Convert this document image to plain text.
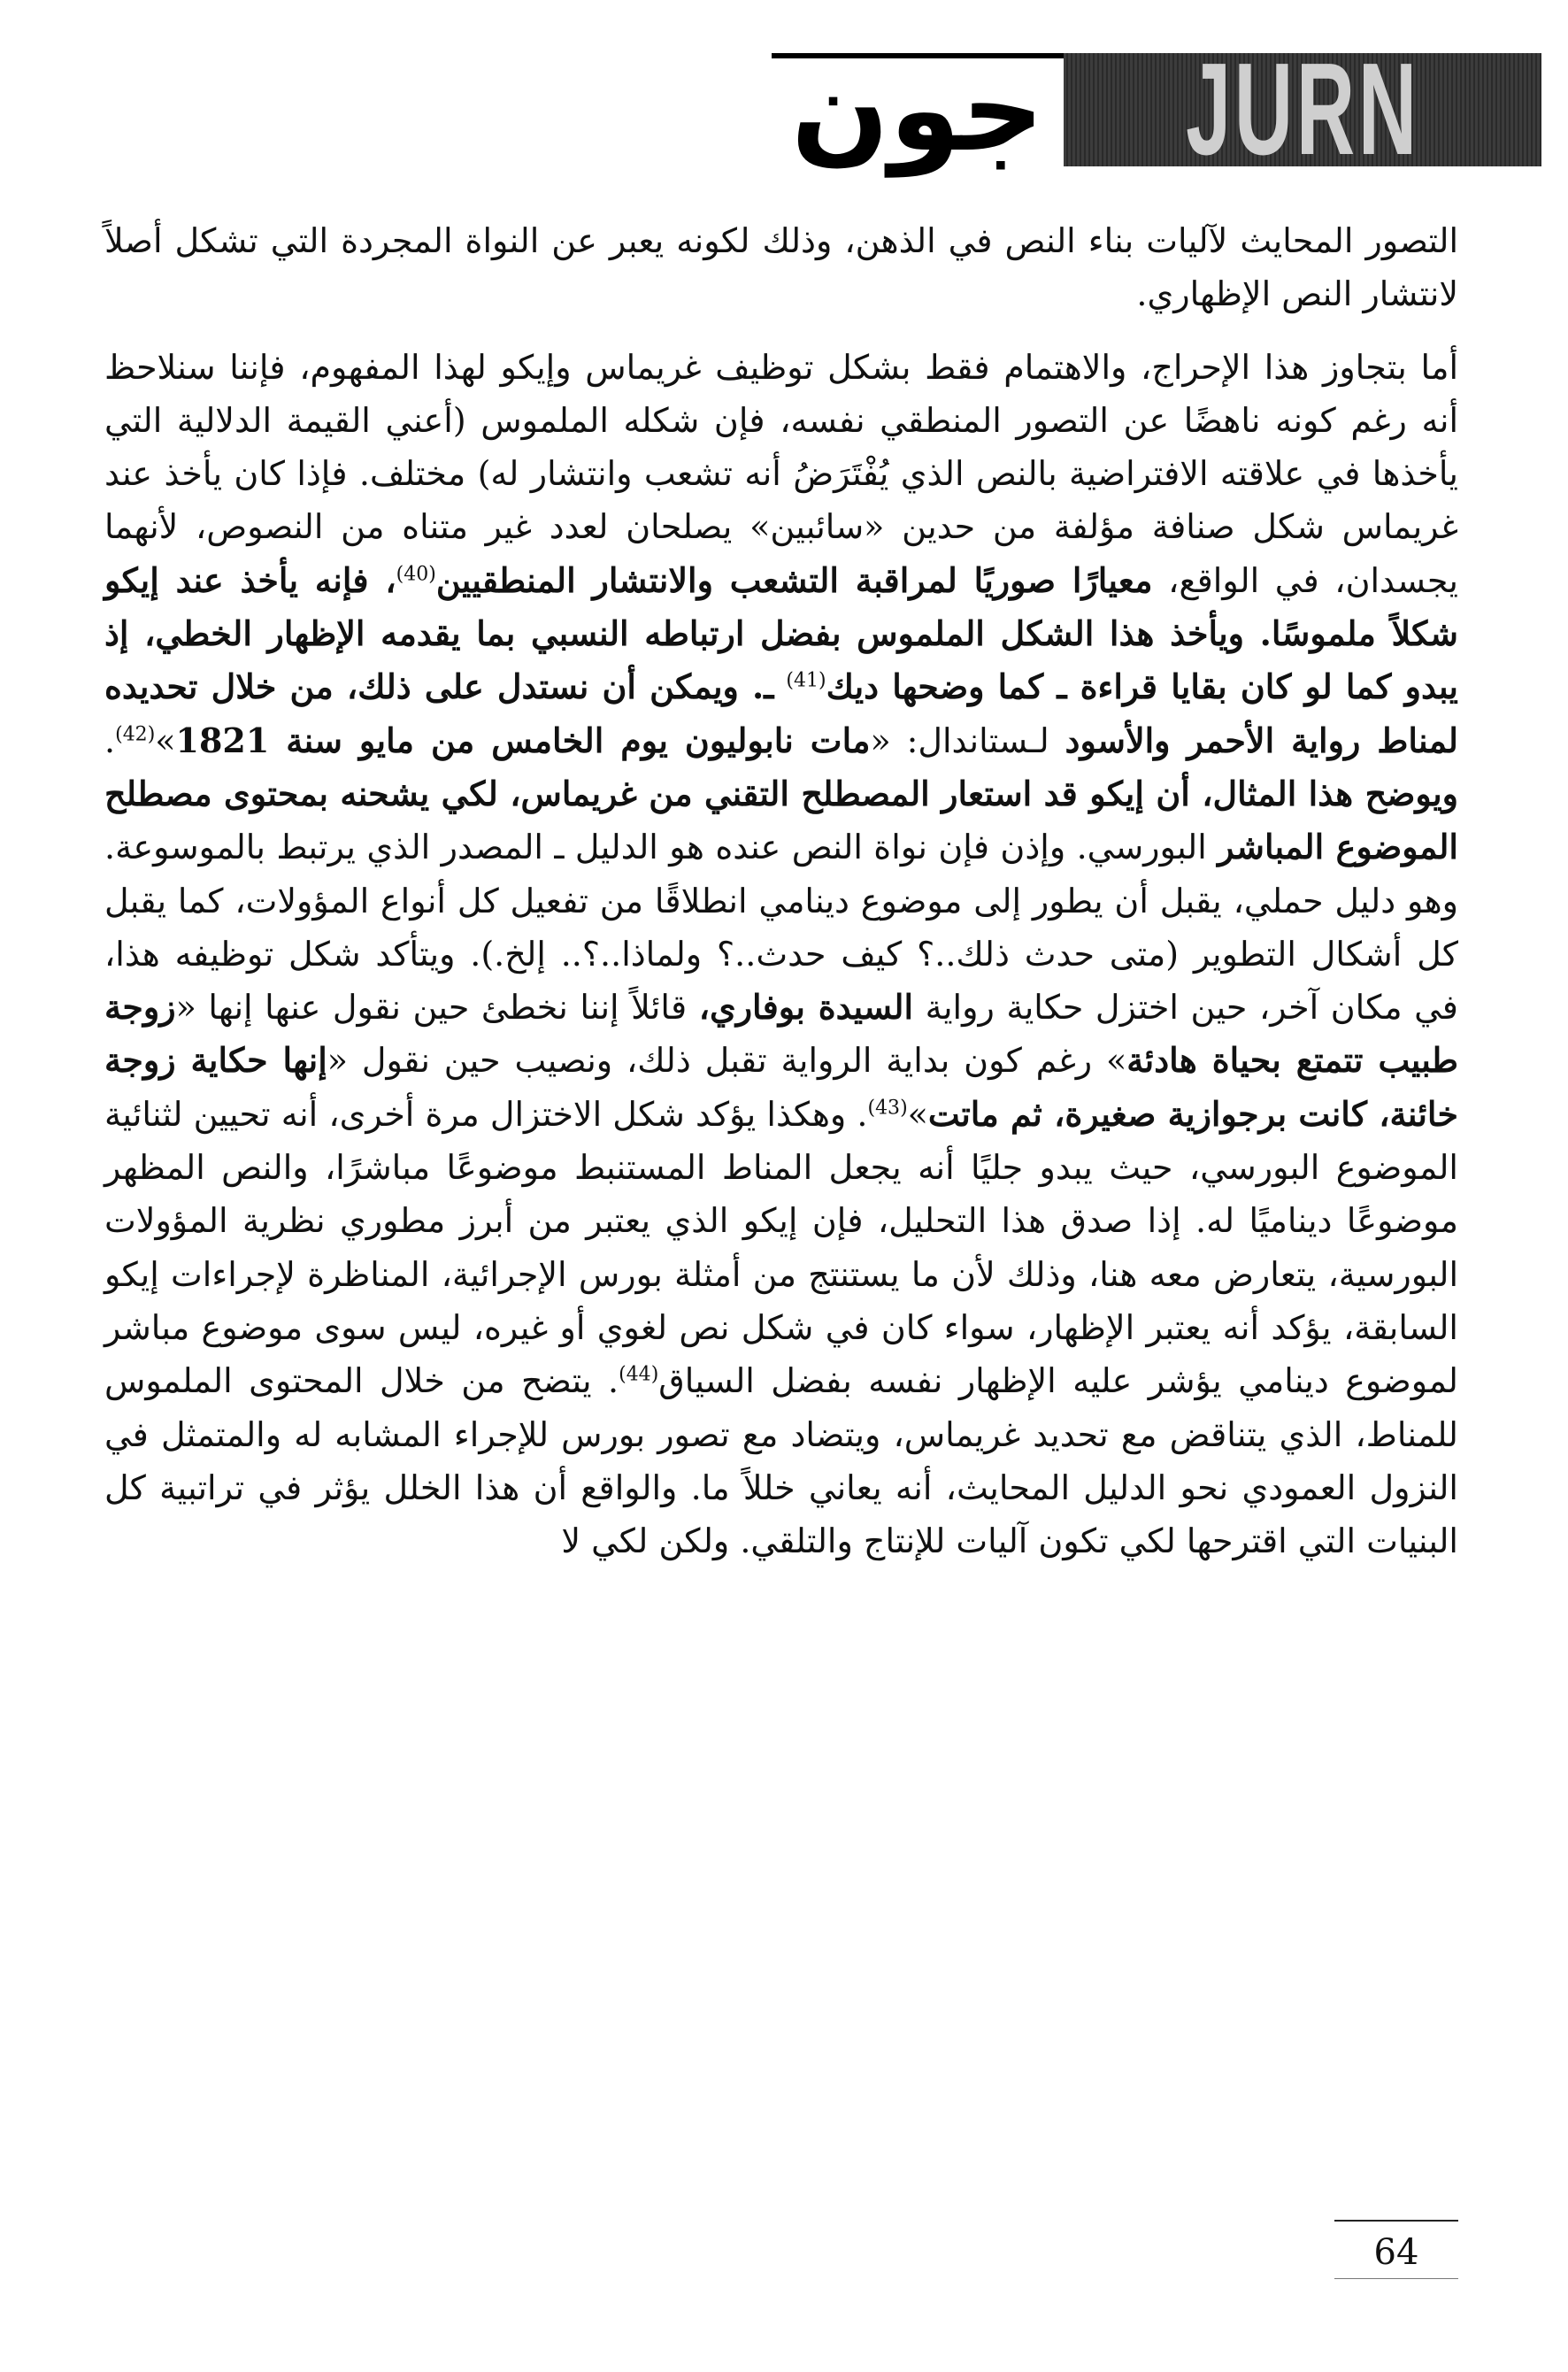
جون JURN

التصور المحايث لآليات بناء النص في الذهن، وذلك لكونه يعبر عن النواة المجردة التي تشكل أصلاً لانتشار النص الإظهاري.

أما بتجاوز هذا الإحراج، والاهتمام فقط بشكل توظيف غريماس وإيكو لهذا المفهوم، فإننا سنلاحظ أنه رغم كونه ناهضًا عن التصور المنطقي نفسه، فإن شكله الملموس (أعني القيمة الدلالية التي يأخذها في علاقته الافتراضية بالنص الذي يُفْتَرَضُ أنه تشعب وانتشار له) مختلف. فإذا كان يأخذ عند غريماس شكل صنافة مؤلفة من حدين «سائبين» يصلحان لعدد غير متناه من النصوص، لأنهما يجسدان، في الواقع، معيارًا صوريًا لمراقبة التشعب والانتشار المنطقيين$^{(40)}$، فإنه يأخذ عند إيكو شكلاً ملموسًا. ويأخذ هذا الشكل الملموس بفضل ارتباطه النسبي بما يقدمه الإظهار الخطي، إذ يبدو كما لو كان بقايا قراءة ـ كما وضحها ديك$^{(41)}$ ـ. ويمكن أن نستدل على ذلك، من خلال تحديده لمناط رواية الأحمر والأسود لـستاندال: «مات نابوليون يوم الخامس من مايو سنة 1821»$^{(42)}$. ويوضح هذا المثال، أن إيكو قد استعار المصطلح التقني من غريماس، لكي يشحنه بمحتوى مصطلح الموضوع المباشر البورسي. وإذن فإن نواة النص عنده هو الدليل ـ المصدر الذي يرتبط بالموسوعة. وهو دليل حملي، يقبل أن يطور إلى موضوع دينامي انطلاقًا من تفعيل كل أنواع المؤولات، كما يقبل كل أشكال التطوير (متى حدث ذلك..؟ كيف حدث..؟ ولماذا..؟.. إلخ.). ويتأكد شكل توظيفه هذا، في مكان آخر، حين اختزل حكاية رواية السيدة بوفاري، قائلاً إننا نخطئ حين نقول عنها إنها «زوجة طبيب تتمتع بحياة هادئة» رغم كون بداية الرواية تقبل ذلك، ونصيب حين نقول «إنها حكاية زوجة خائنة، كانت برجوازية صغيرة، ثم ماتت»$^{(43)}$. وهكذا يؤكد شكل الاختزال مرة أخرى، أنه تحيين لثنائية الموضوع البورسي، حيث يبدو جليًا أنه يجعل المناط المستنبط موضوعًا مباشرًا، والنص المظهر موضوعًا ديناميًا له. إذا صدق هذا التحليل، فإن إيكو الذي يعتبر من أبرز مطوري نظرية المؤولات البورسية، يتعارض معه هنا، وذلك لأن ما يستنتج من أمثلة بورس الإجرائية، المناظرة لإجراءات إيكو السابقة، يؤكد أنه يعتبر الإظهار، سواء كان في شكل نص لغوي أو غيره، ليس سوى موضوع مباشر لموضوع دينامي يؤشر عليه الإظهار نفسه بفضل السياق$^{(44)}$. يتضح من خلال المحتوى الملموس للمناط، الذي يتناقض مع تحديد غريماس، ويتضاد مع تصور بورس للإجراء المشابه له والمتمثل في النزول العمودي نحو الدليل المحايث، أنه يعاني خللاً ما. والواقع أن هذا الخلل يؤثر في تراتبية كل البنيات التي اقترحها لكي تكون آليات للإنتاج والتلقي. ولكن لكي لا

64
